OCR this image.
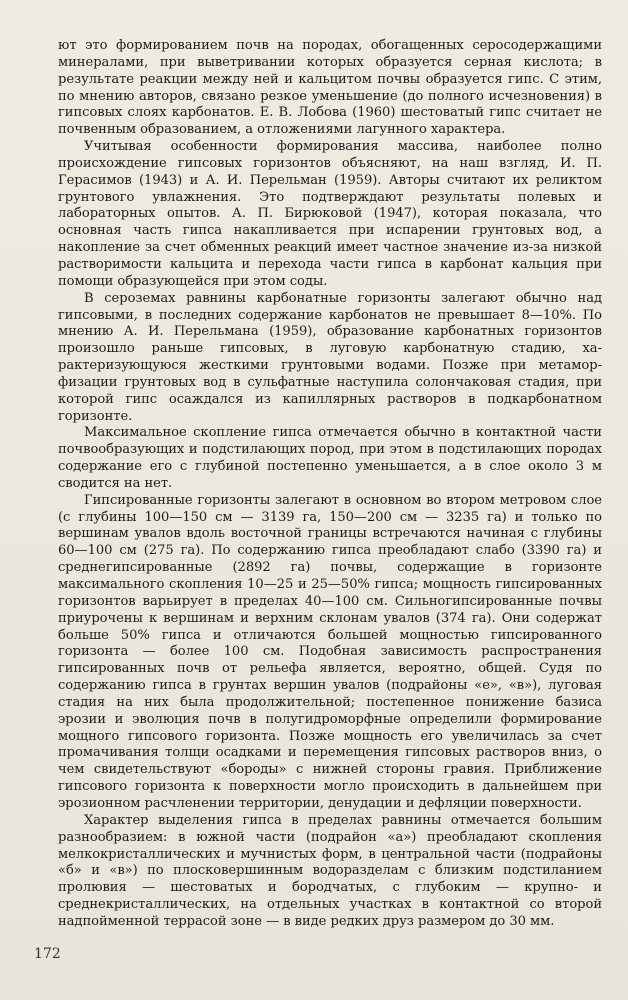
ют это формированием почв на породах, обогащенных серосодержащими минералами, при выветривании которых образуется серная кислота; в результате реакции между ней и кальцитом почвы образуется гипс. С этим, по мнению авторов, связано резкое уменьшение (до полного исчезновения) в гипсовых слоях карбонатов. Е. В. Лобова (1960) шестоватый гипс считает не почвенным образованием, а отложениями лагунного характера.

Учитывая особенности формирования массива, наиболее полно происхождение гипсовых горизонтов объясняют, на наш взгляд, И. П. Герасимов (1943) и А. И. Перельман (1959). Авторы считают их реликтом грунтового увлажнения. Это подтверждают результаты полевых и лабораторных опытов. А. П. Бирюковой (1947), которая показала, что основная часть гипса накапливается при испарении грунтовых вод, а накопление за счет обменных реакций имеет частное значение из-за низкой растворимости кальцита и перехода части гипса в карбонат кальция при помощи образующейся при этом соды.

В сероземах равнины карбонатные горизонты залегают обычно над гипсовыми, в последних содержание карбонатов не превышает 8—10%. По мнению А. И. Перельмана (1959), образование карбонатных горизонтов произошло раньше гипсовых, в луговую карбонатную стадию, характеризующуюся жесткими грунтовыми водами. Позже при метаморфизации грунтовых вод в сульфатные наступила солончаковая стадия, при которой гипс осаждался из капиллярных растворов в подкарбонатном горизонте.

Максимальное скопление гипса отмечается обычно в контактной части почвообразующих и подстилающих пород, при этом в подстилающих породах содержание его с глубиной постепенно уменьшается, а в слое около 3 м сводится на нет.

Гипсированные горизонты залегают в основном во втором метровом слое (с глубины 100—150 см — 3139 га, 150—200 см — 3235 га) и только по вершинам увалов вдоль восточной границы встречаются начиная с глубины 60—100 см (275 га). По содержанию гипса преобладают слабо (3390 га) и среднегипсированные (2892 га) почвы, содержащие в горизонте максимального скопления 10—25 и 25—50% гипса; мощность гипсированных горизонтов варьирует в пределах 40—100 см. Сильногипсированные почвы приурочены к вершинам и верхним склонам увалов (374 га). Они содержат больше 50% гипса и отличаются большей мощностью гипсированного горизонта — более 100 см. Подобная зависимость распространения гипсированных почв от рельефа является, вероятно, общей. Судя по содержанию гипса в грунтах вершин увалов (подрайоны «е», «в»), луговая стадия на них была продолжительной; постепенное понижение базиса эрозии и эволюция почв в полугидроморфные определили формирование мощного гипсового горизонта. Позже мощность его увеличилась за счет промачивания толщи осадками и перемещения гипсовых растворов вниз, о чем свидетельствуют «бороды» с нижней стороны гравия. Приближение гипсового горизонта к поверхности могло происходить в дальнейшем при эрозионном расчленении территории, денудации и дефляции поверхности.

Характер выделения гипса в пределах равнины отмечается большим разнообразием: в южной части (подрайон «а») преобладают скопления мелкокристаллических и мучнистых форм, в центральной части (подрайоны «б» и «в») по плосковершинным водоразделам с близким подстиланием пролювия — шестоватых и бородчатых, с глубоким — крупно- и среднекристаллических, на отдельных участках в контактной со второй надпойменной террасой зоне — в виде редких друз размером до 30 мм.

172
